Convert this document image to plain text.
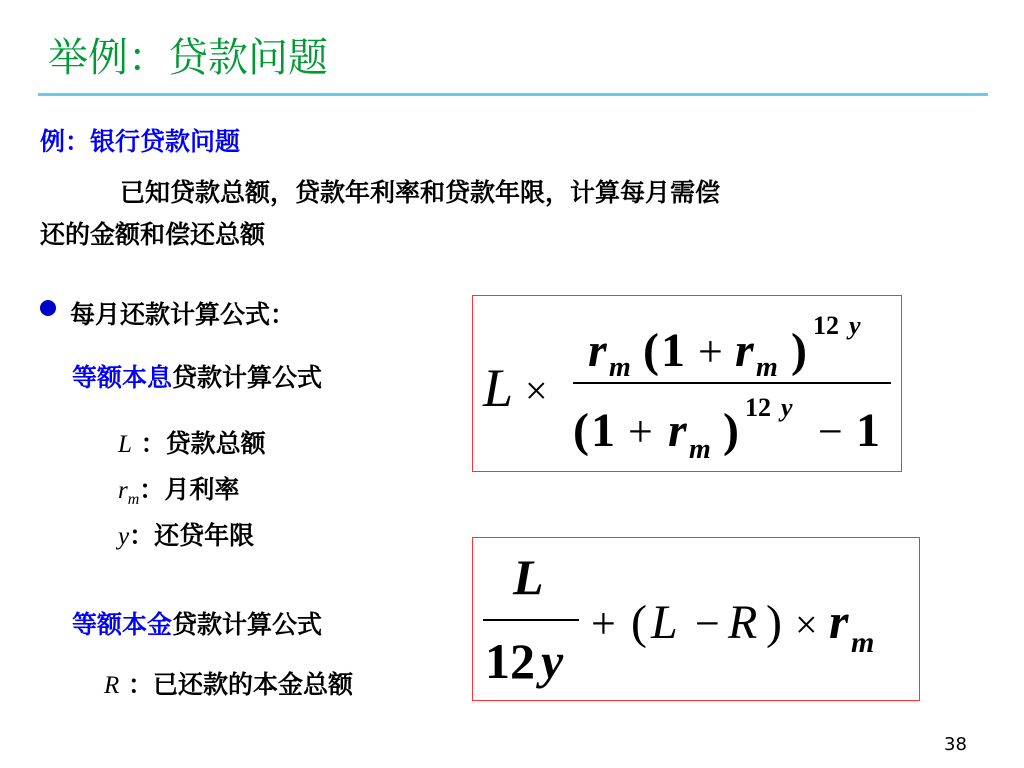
举例：贷款问题
例：银行贷款问题
已知贷款总额，贷款年利率和贷款年限，计算每月需偿
还的金额和偿还总额
每月还款计算公式：
等额本息贷款计算公式
L ：贷款总额
$r_m$：月利率
y：还贷年限
等额本金贷款计算公式
R ：已还款的本金总额
L ×
r m ( 1 + r m ) 12 y
( 1 + r m ) 12 y − 1
L
12 y
+ ( L − R ) × r m
38
